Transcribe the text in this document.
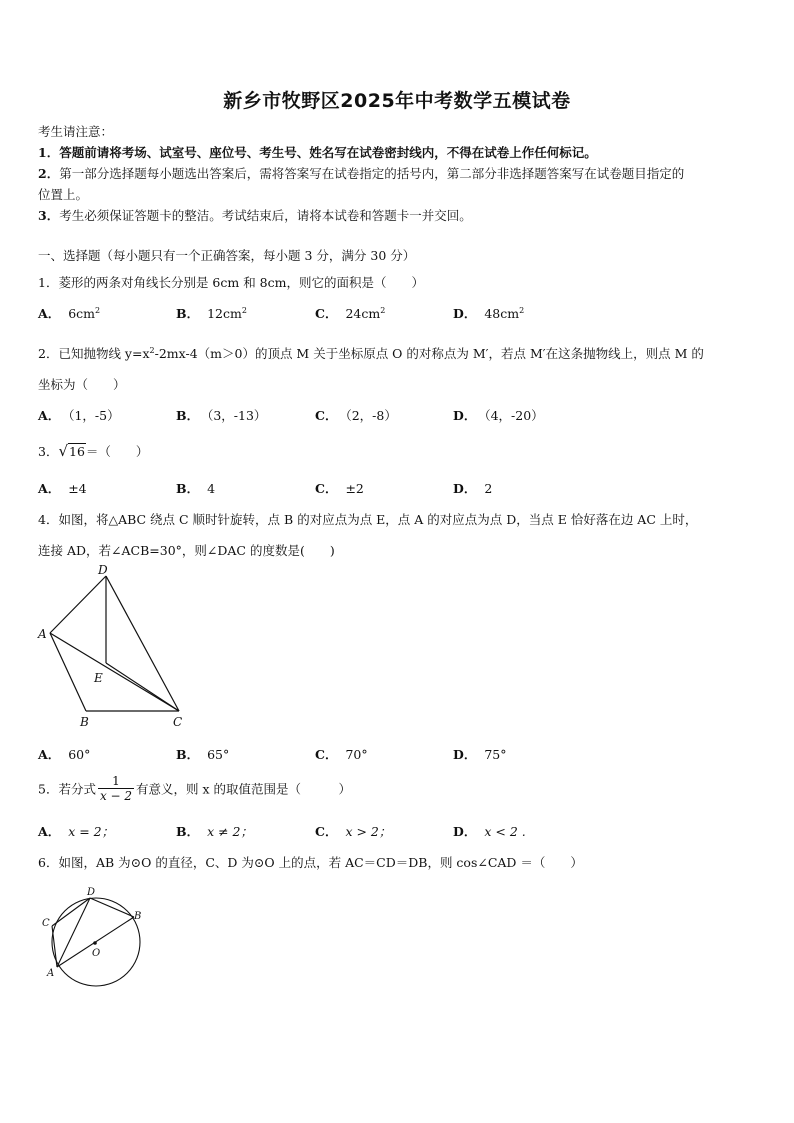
新乡市牧野区2025年中考数学五模试卷
考生请注意：
1．答题前请将考场、试室号、座位号、考生号、姓名写在试卷密封线内，不得在试卷上作任何标记。
2．第一部分选择题每小题选出答案后，需将答案写在试卷指定的括号内，第二部分非选择题答案写在试卷题目指定的
位置上。
3．考生必须保证答题卡的整洁。考试结束后，请将本试卷和答题卡一并交回。
一、选择题（每小题只有一个正确答案，每小题 3 分，满分 30 分）
1．菱形的两条对角线长分别是 6cm 和 8cm，则它的面积是（　　）
A． $6cm^2$	B． $12cm^2$	C． $24cm^2$	D． $48cm^2$
2．已知抛物线 $y=x^2-2mx-4(m>0)$的顶点 M 关于坐标原点 O 的对称点为 M′，若点 M′在这条抛物线上，则点 M 的
坐标为（　　）
A． （1，-5）	B． （3，-13）	C． （2，-8）	D． （4，-20）
3．√16＝（　　）
A． ±4	B． 4	C． ±2	D． 2
4．如图，将△ABC 绕点 C 顺时针旋转，点 B 的对应点为点 E，点 A 的对应点为点 D，当点 E 恰好落在边 AC 上时，
连接 AD，若∠ACB=30°，则∠DAC 的度数是(　　)
D
A
E
B	C
A． 60°	B． 65°	C． 70°	D． 75°
5．若分式 $\frac{1}{x - 2}$ 有意义，则 x 的取值范围是（　　　）
A． x = 2；	B． x ≠ 2；	C． x > 2；	D． x < 2 .
6．如图，AB 为⊙O 的直径，C、D 为⊙O 上的点，若 AC＝CD＝DB，则 cos∠CAD ＝（　　）
D
C
B
O
A
